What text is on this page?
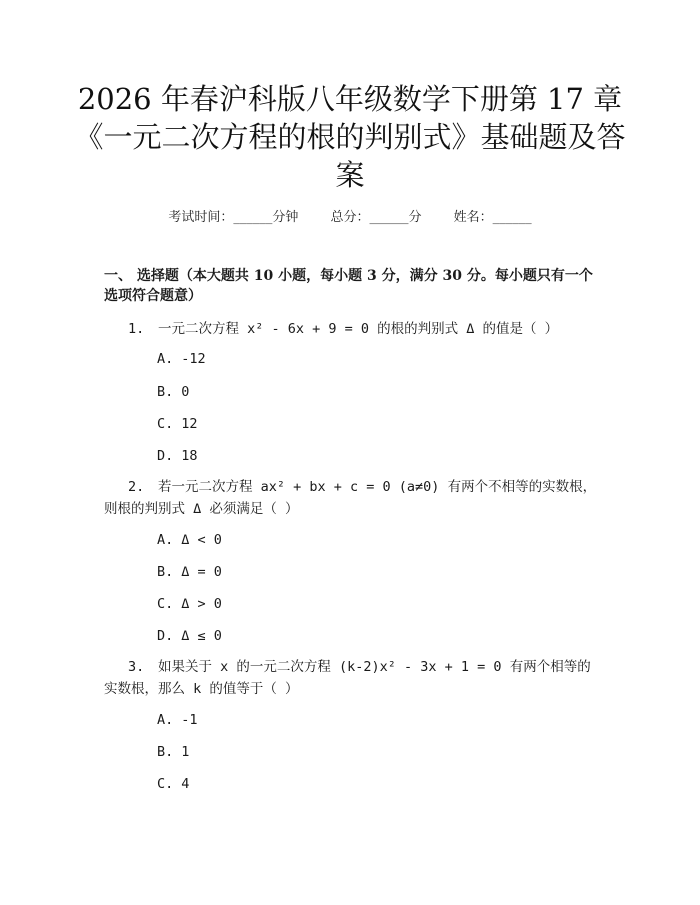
2026 年春沪科版八年级数学下册第 17 章
《一元二次方程的根的判别式》基础题及答
案
考试时间：______分钟 总分：______分 姓名：______

一、 选择题（本大题共 10 小题，每小题 3 分，满分 30 分。每小题只有一个选项符合题意）

1. 一元二次方程 x² - 6x + 9 = 0 的根的判别式 Δ 的值是（ ）

A. -12
B. 0
C. 12
D. 18

2. 若一元二次方程 ax² + bx + c = 0 (a≠0) 有两个不相等的实数根，则根的判别式 Δ 必须满足（ ）

A. Δ < 0
B. Δ = 0
C. Δ > 0
D. Δ ≤ 0

3. 如果关于 x 的一元二次方程 (k-2)x² - 3x + 1 = 0 有两个相等的实数根，那么 k 的值等于（ ）

A. -1
B. 1
C. 4
